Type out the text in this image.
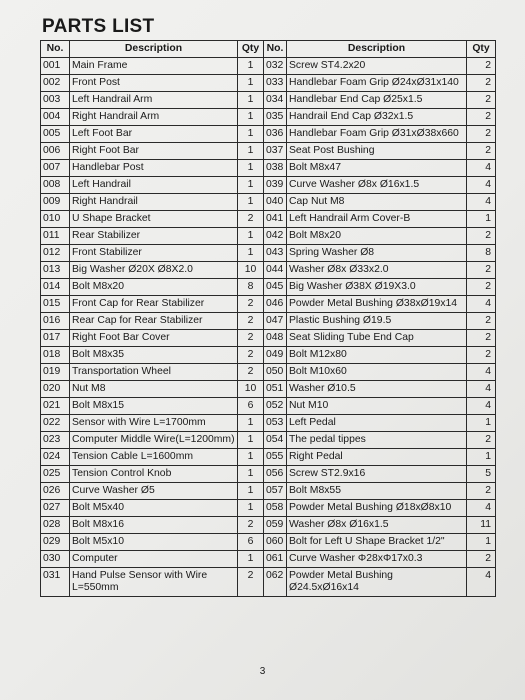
PARTS LIST
No.	Description	Qty	No.	Description	Qty
001	Main Frame	1	032	Screw ST4.2x20	2
002	Front Post	1	033	Handlebar Foam Grip Ø24xØ31x140	2
003	Left Handrail Arm	1	034	Handlebar End Cap Ø25x1.5	2
004	Right Handrail Arm	1	035	Handrail End Cap Ø32x1.5	2
005	Left Foot Bar	1	036	Handlebar Foam Grip Ø31xØ38x660	2
006	Right Foot Bar	1	037	Seat Post Bushing	2
007	Handlebar Post	1	038	Bolt M8x47	4
008	Left Handrail	1	039	Curve Washer Ø8x Ø16x1.5	4
009	Right Handrail	1	040	Cap Nut M8	4
010	U Shape Bracket	2	041	Left Handrail Arm Cover-B	1
011	Rear Stabilizer	1	042	Bolt M8x20	2
012	Front Stabilizer	1	043	Spring Washer Ø8	8
013	Big Washer Ø20X Ø8X2.0	10	044	Washer Ø8x Ø33x2.0	2
014	Bolt M8x20	8	045	Big Washer Ø38X Ø19X3.0	2
015	Front Cap for Rear Stabilizer	2	046	Powder Metal Bushing Ø38xØ19x14	4
016	Rear Cap for Rear Stabilizer	2	047	Plastic Bushing Ø19.5	2
017	Right Foot Bar Cover	2	048	Seat Sliding Tube End Cap	2
018	Bolt M8x35	2	049	Bolt M12x80	2
019	Transportation Wheel	2	050	Bolt M10x60	4
020	Nut M8	10	051	Washer Ø10.5	4
021	Bolt M8x15	6	052	Nut M10	4
022	Sensor with Wire L=1700mm	1	053	Left Pedal	1
023	Computer Middle Wire(L=1200mm)	1	054	The pedal tippes	2
024	Tension Cable L=1600mm	1	055	Right Pedal	1
025	Tension Control Knob	1	056	Screw ST2.9x16	5
026	Curve Washer Ø5	1	057	Bolt M8x55	2
027	Bolt M5x40	1	058	Powder Metal Bushing Ø18xØ8x10	4
028	Bolt M8x16	2	059	Washer Ø8x Ø16x1.5	11
029	Bolt M5x10	6	060	Bolt for Left U Shape Bracket 1/2"	1
030	Computer	1	061	Curve Washer Φ28xΦ17x0.3	2
031	Hand Pulse Sensor with Wire L=550mm	2	062	Powder Metal Bushing Ø24.5xØ16x14	4
3
